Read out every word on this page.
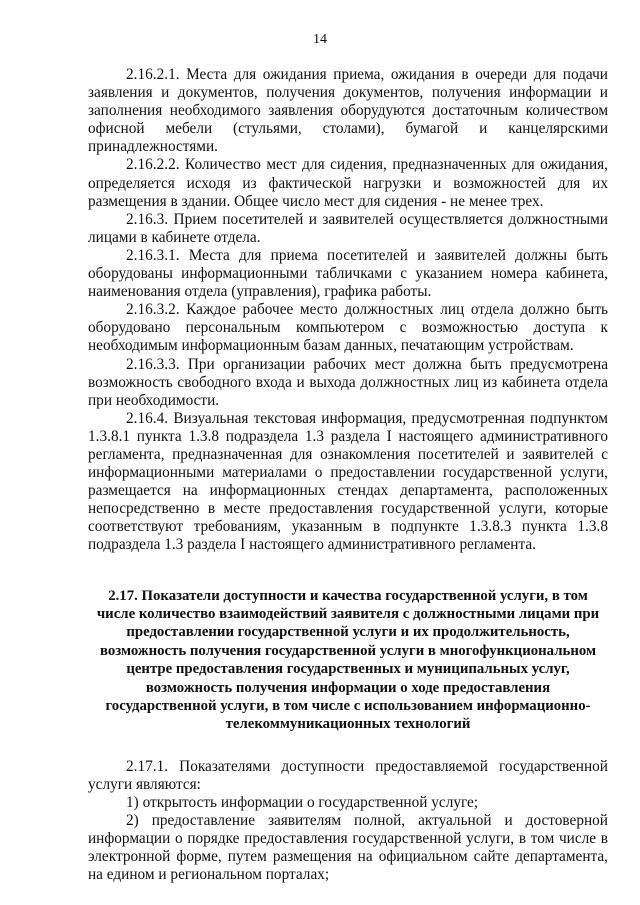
14

2.16.2.1. Места для ожидания приема, ожидания в очереди для подачи заявления и документов, получения документов, получения информации и заполнения необходимого заявления оборудуются достаточным количеством офисной мебели (стульями, столами), бумагой и канцелярскими принадлежностями.

2.16.2.2. Количество мест для сидения, предназначенных для ожидания, определяется исходя из фактической нагрузки и возможностей для их размещения в здании. Общее число мест для сидения - не менее трех.

2.16.3. Прием посетителей и заявителей осуществляется должностными лицами в кабинете отдела.

2.16.3.1. Места для приема посетителей и заявителей должны быть оборудованы информационными табличками с указанием номера кабинета, наименования отдела (управления), графика работы.

2.16.3.2. Каждое рабочее место должностных лиц отдела должно быть оборудовано персональным компьютером с возможностью доступа к необходимым информационным базам данных, печатающим устройствам.

2.16.3.3. При организации рабочих мест должна быть предусмотрена возможность свободного входа и выхода должностных лиц из кабинета отдела при необходимости.

2.16.4. Визуальная текстовая информация, предусмотренная подпунктом 1.3.8.1 пункта 1.3.8 подраздела 1.3 раздела I настоящего административного регламента, предназначенная для ознакомления посетителей и заявителей с информационными материалами о предоставлении государственной услуги, размещается на информационных стендах департамента, расположенных непосредственно в месте предоставления государственной услуги, которые соответствуют требованиям, указанным в подпункте 1.3.8.3 пункта 1.3.8 подраздела 1.3 раздела I настоящего административного регламента.

2.17. Показатели доступности и качества государственной услуги, в том числе количество взаимодействий заявителя с должностными лицами при предоставлении государственной услуги и их продолжительность, возможность получения государственной услуги в многофункциональном центре предоставления государственных и муниципальных услуг, возможность получения информации о ходе предоставления государственной услуги, в том числе с использованием информационно-телекоммуникационных технологий

2.17.1. Показателями доступности предоставляемой государственной услуги являются:

1) открытость информации о государственной услуге;

2) предоставление заявителям полной, актуальной и достоверной информации о порядке предоставления государственной услуги, в том числе в электронной форме, путем размещения на официальном сайте департамента, на едином и региональном порталах;
